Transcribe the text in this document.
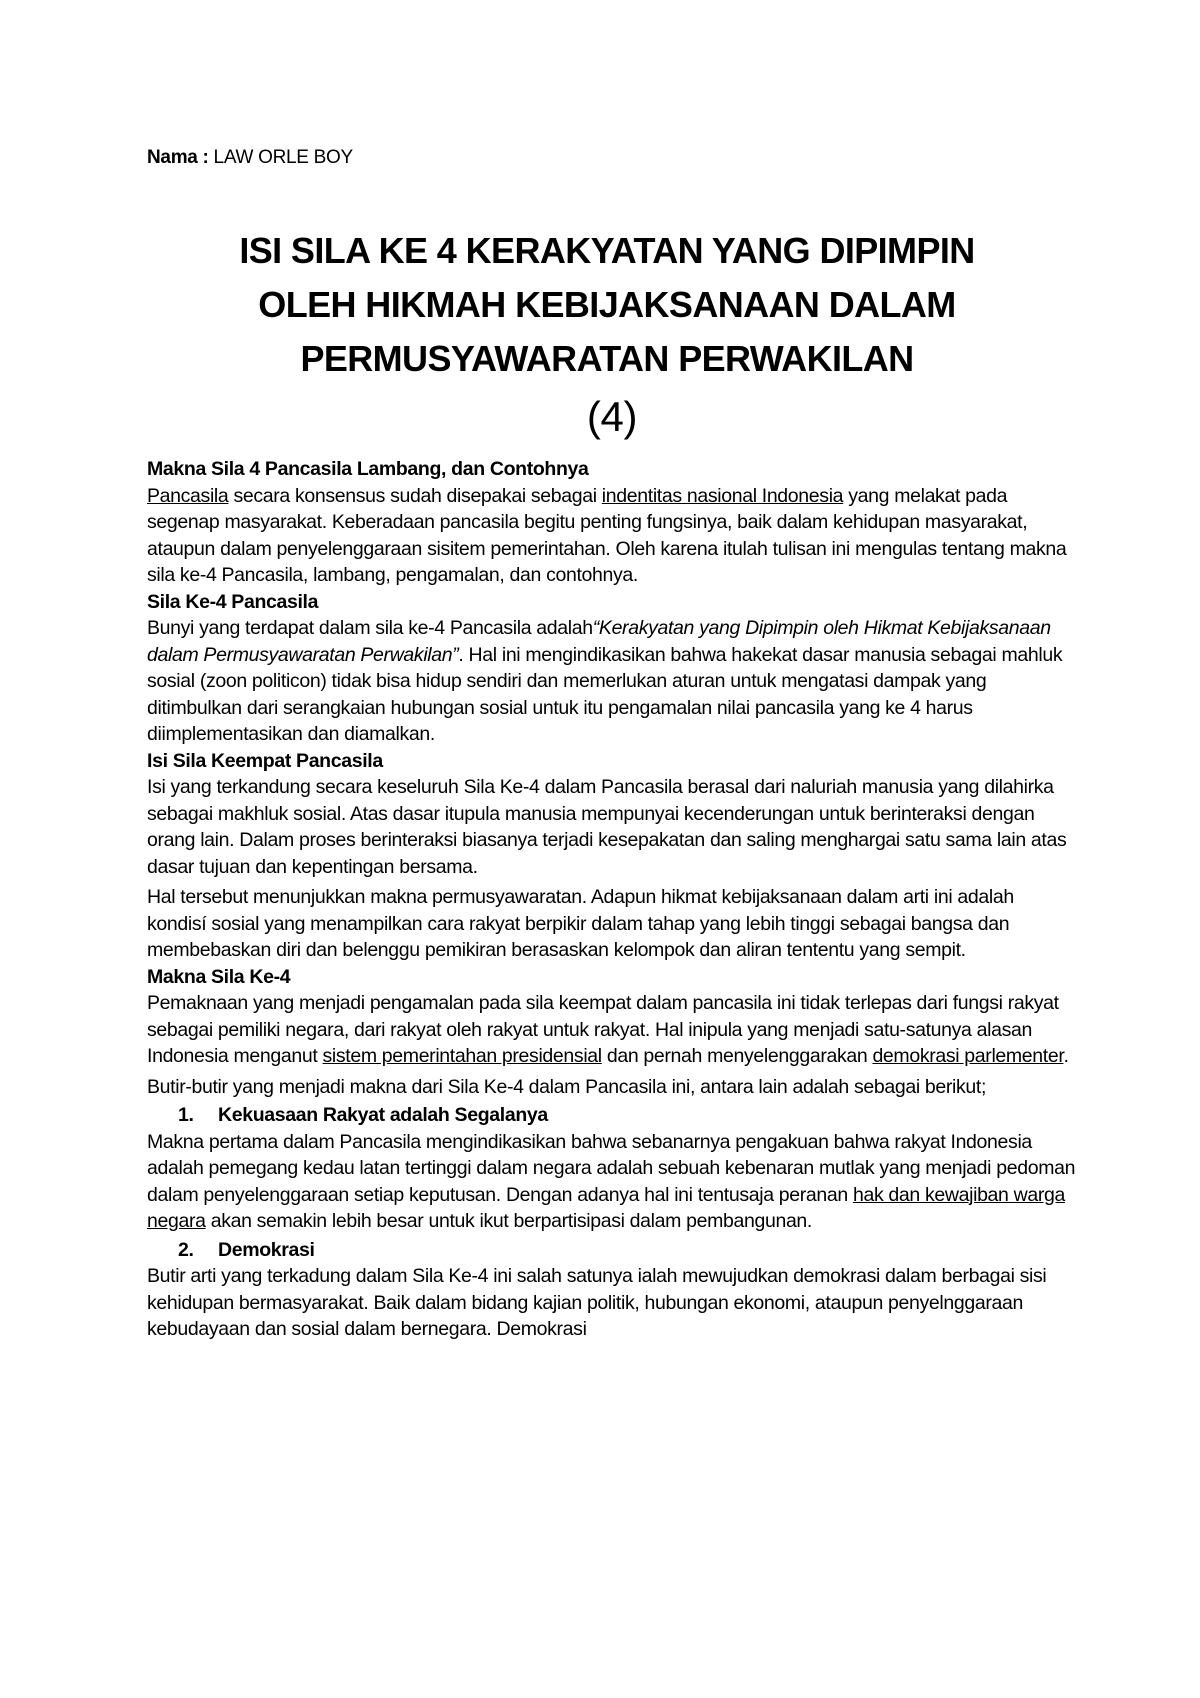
Nama : LAW ORLE BOY

ISI SILA KE 4 KERAKYATAN YANG DIPIMPIN
OLEH HIKMAH KEBIJAKSANAAN DALAM
PERMUSYAWARATAN PERWAKILAN
(4)
Makna Sila 4 Pancasila Lambang, dan Contohnya

Pancasila secara konsensus sudah disepakai sebagai indentitas nasional Indonesia yang melakat pada segenap masyarakat. Keberadaan pancasila begitu penting fungsinya, baik dalam kehidupan masyarakat, ataupun dalam penyelenggaraan sisitem pemerintahan. Oleh karena itulah tulisan ini mengulas tentang makna sila ke-4 Pancasila, lambang, pengamalan, dan contohnya.

Sila Ke-4 Pancasila

Bunyi yang terdapat dalam sila ke-4 Pancasila adalah“Kerakyatan yang Dipimpin oleh Hikmat Kebijaksanaan dalam Permusyawaratan Perwakilan”. Hal ini mengindikasikan bahwa hakekat dasar manusia sebagai mahluk sosial (zoon politicon) tidak bisa hidup sendiri dan memerlukan aturan untuk mengatasi dampak yang ditimbulkan dari serangkaian hubungan sosial untuk itu pengamalan nilai pancasila yang ke 4 harus diimplementasikan dan diamalkan.

Isi Sila Keempat Pancasila

Isi yang terkandung secara keseluruh Sila Ke-4 dalam Pancasila berasal dari naluriah manusia yang dilahirka sebagai makhluk sosial. Atas dasar itupula manusia mempunyai kecenderungan untuk berinteraksi dengan orang lain. Dalam proses berinteraksi biasanya terjadi kesepakatan dan saling menghargai satu sama lain atas dasar tujuan dan kepentingan bersama.

Hal tersebut menunjukkan makna permusyawaratan. Adapun hikmat kebijaksanaan dalam arti ini adalah kondisí sosial yang menampilkan cara rakyat berpikir dalam tahap yang lebih tinggi sebagai bangsa dan membebaskan diri dan belenggu pemikiran berasaskan kelompok dan aliran tententu yang sempit.

Makna Sila Ke-4

Pemaknaan yang menjadi pengamalan pada sila keempat dalam pancasila ini tidak terlepas dari fungsi rakyat sebagai pemiliki negara, dari rakyat oleh rakyat untuk rakyat. Hal inipula yang menjadi satu-satunya alasan Indonesia menganut sistem pemerintahan presidensial dan pernah menyelenggarakan demokrasi parlementer.

Butir-butir yang menjadi makna dari Sila Ke-4 dalam Pancasila ini, antara lain adalah sebagai berikut;

1. Kekuasaan Rakyat adalah Segalanya

Makna pertama dalam Pancasila mengindikasikan bahwa sebanarnya pengakuan bahwa rakyat Indonesia adalah pemegang kedau latan tertinggi dalam negara adalah sebuah kebenaran mutlak yang menjadi pedoman dalam penyelenggaraan setiap keputusan. Dengan adanya hal ini tentusaja peranan hak dan kewajiban warga negara akan semakin lebih besar untuk ikut berpartisipasi dalam pembangunan.

2. Demokrasi

Butir arti yang terkadung dalam Sila Ke-4 ini salah satunya ialah mewujudkan demokrasi dalam berbagai sisi kehidupan bermasyarakat. Baik dalam bidang kajian politik, hubungan ekonomi, ataupun penyelnggaraan kebudayaan dan sosial dalam bernegara. Demokrasi
